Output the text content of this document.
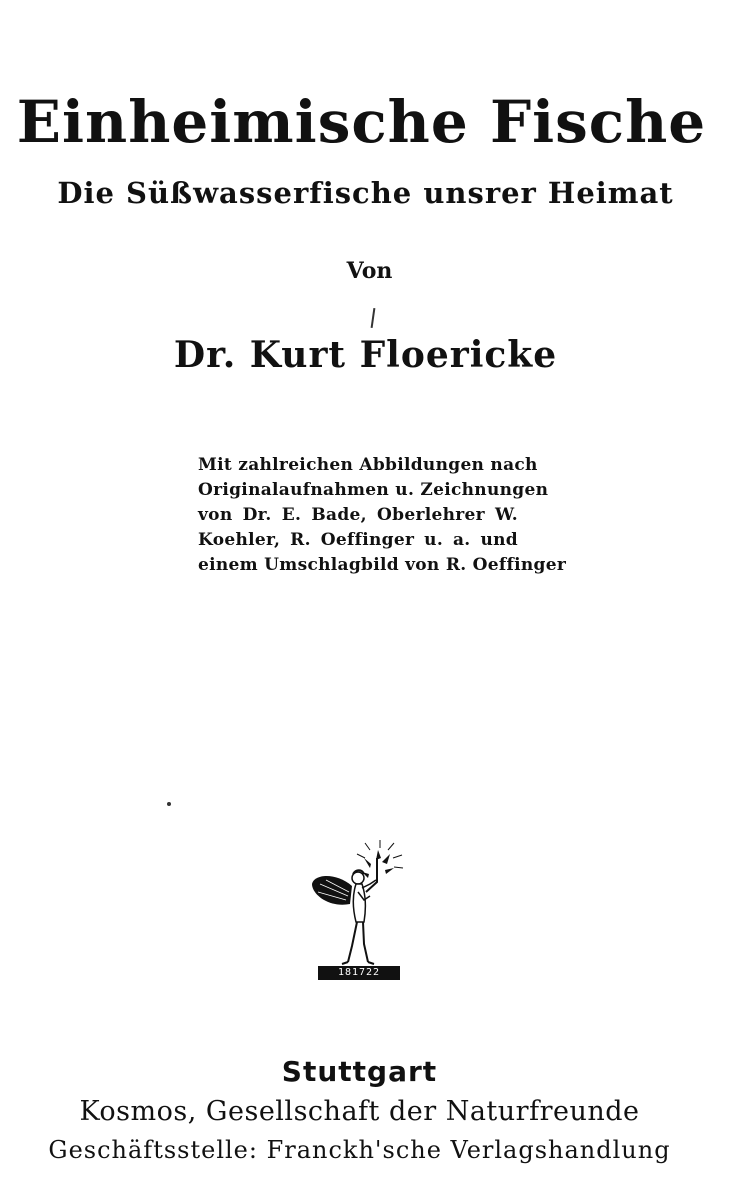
Einheimische Fische
Die Süßwasserfische unsrer Heimat
Von
Dr. Kurt Floericke
Mit zahlreichen Abbildungen nach
Originalaufnahmen u. Zeichnungen
von Dr. E. Bade, Oberlehrer W.
Koehler, R. Oeffinger u. a. und
einem Umschlagbild von R. Oeffinger
181722
Stuttgart
Kosmos, Gesellschaft der Naturfreunde
Geschäftsstelle: Franckh'sche Verlagshandlung
